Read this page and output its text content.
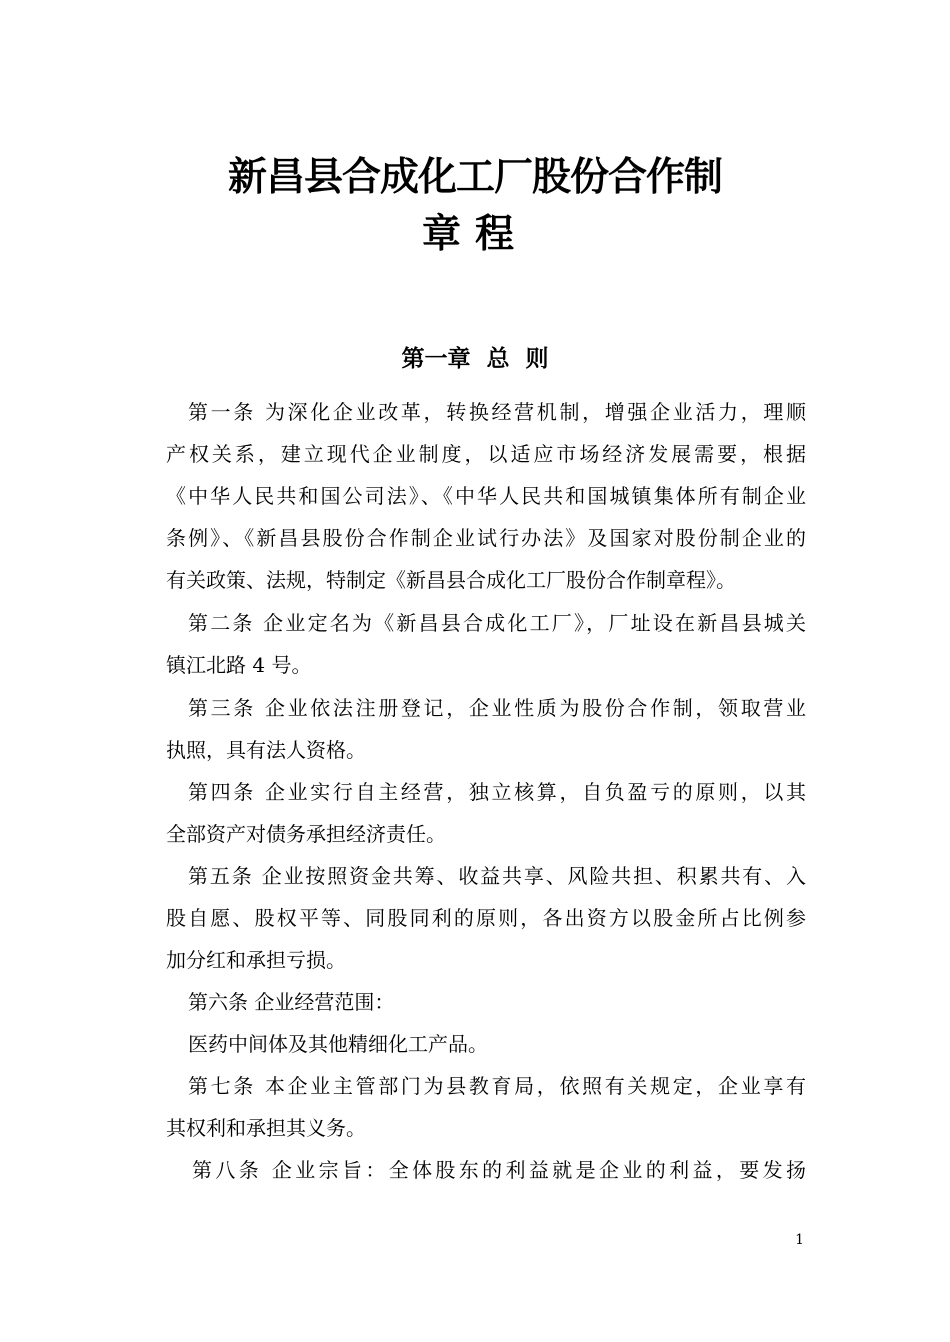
新昌县合成化工厂股份合作制
章程
第一章 总  则
第一条 为深化企业改革，转换经营机制，增强企业活力，理顺
产权关系，建立现代企业制度，以适应市场经济发展需要，根据
《中华人民共和国公司法》、《中华人民共和国城镇集体所有制企业
条例》、《新昌县股份合作制企业试行办法》及国家对股份制企业的
有关政策、法规，特制定《新昌县合成化工厂股份合作制章程》。
第二条 企业定名为《新昌县合成化工厂》，厂址设在新昌县城关
镇江北路 4 号。
第三条 企业依法注册登记，企业性质为股份合作制，领取营业
执照，具有法人资格。
第四条 企业实行自主经营，独立核算，自负盈亏的原则，以其
全部资产对债务承担经济责任。
第五条 企业按照资金共筹、收益共享、风险共担、积累共有、入
股自愿、股权平等、同股同利的原则，各出资方以股金所占比例参
加分红和承担亏损。
第六条 企业经营范围：
医药中间体及其他精细化工产品。
第七条 本企业主管部门为县教育局，依照有关规定，企业享有
其权利和承担其义务。
第八条 企业宗旨：全体股东的利益就是企业的利益，要发扬
1
